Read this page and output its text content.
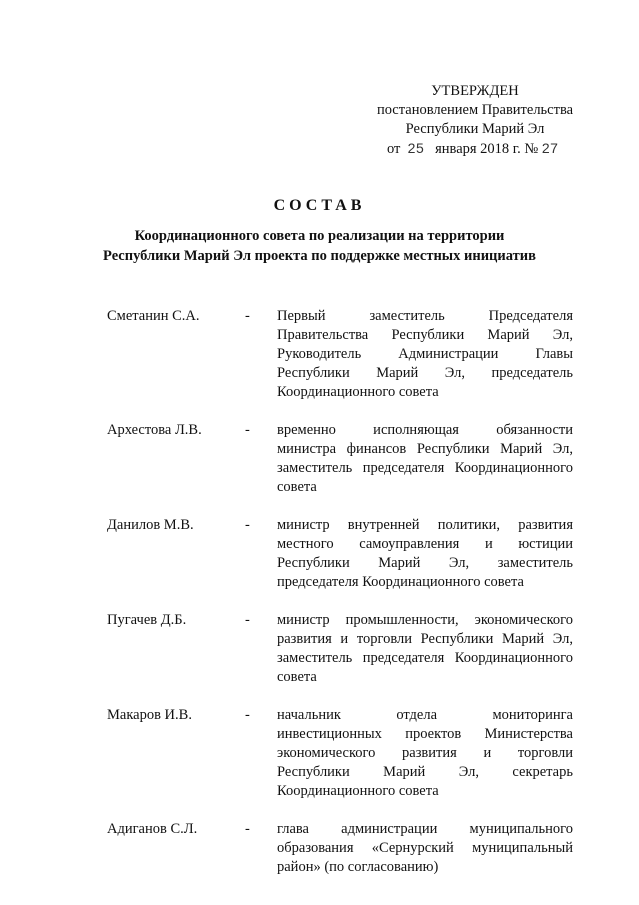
УТВЕРЖДЕН
постановлением Правительства
Республики Марий Эл
от 25 января 2018 г. № 27
СОСТАВ
Координационного совета по реализации на территории
Республики Марий Эл проекта по поддержке местных инициатив
Сметанин С.А.	- Первый заместитель Председателя
Правительства Республики Марий Эл,
Руководитель Администрации Главы
Республики Марий Эл, председатель
Координационного совета
Архестова Л.В.	- временно исполняющая обязанности
министра финансов Республики Марий Эл,
заместитель председателя Координационного
совета
Данилов М.В.	- министр внутренней политики, развития
местного самоуправления и юстиции
Республики Марий Эл, заместитель
председателя Координационного совета
Пугачев Д.Б.	- министр промышленности, экономического
развития и торговли Республики Марий Эл,
заместитель председателя Координационного
совета
Макаров И.В.	- начальник отдела мониторинга
инвестиционных проектов Министерства
экономического развития и торговли
Республики Марий Эл, секретарь
Координационного совета
Адиганов С.Л.	- глава администрации муниципального
образования «Сернурский муниципальный
район» (по согласованию)
